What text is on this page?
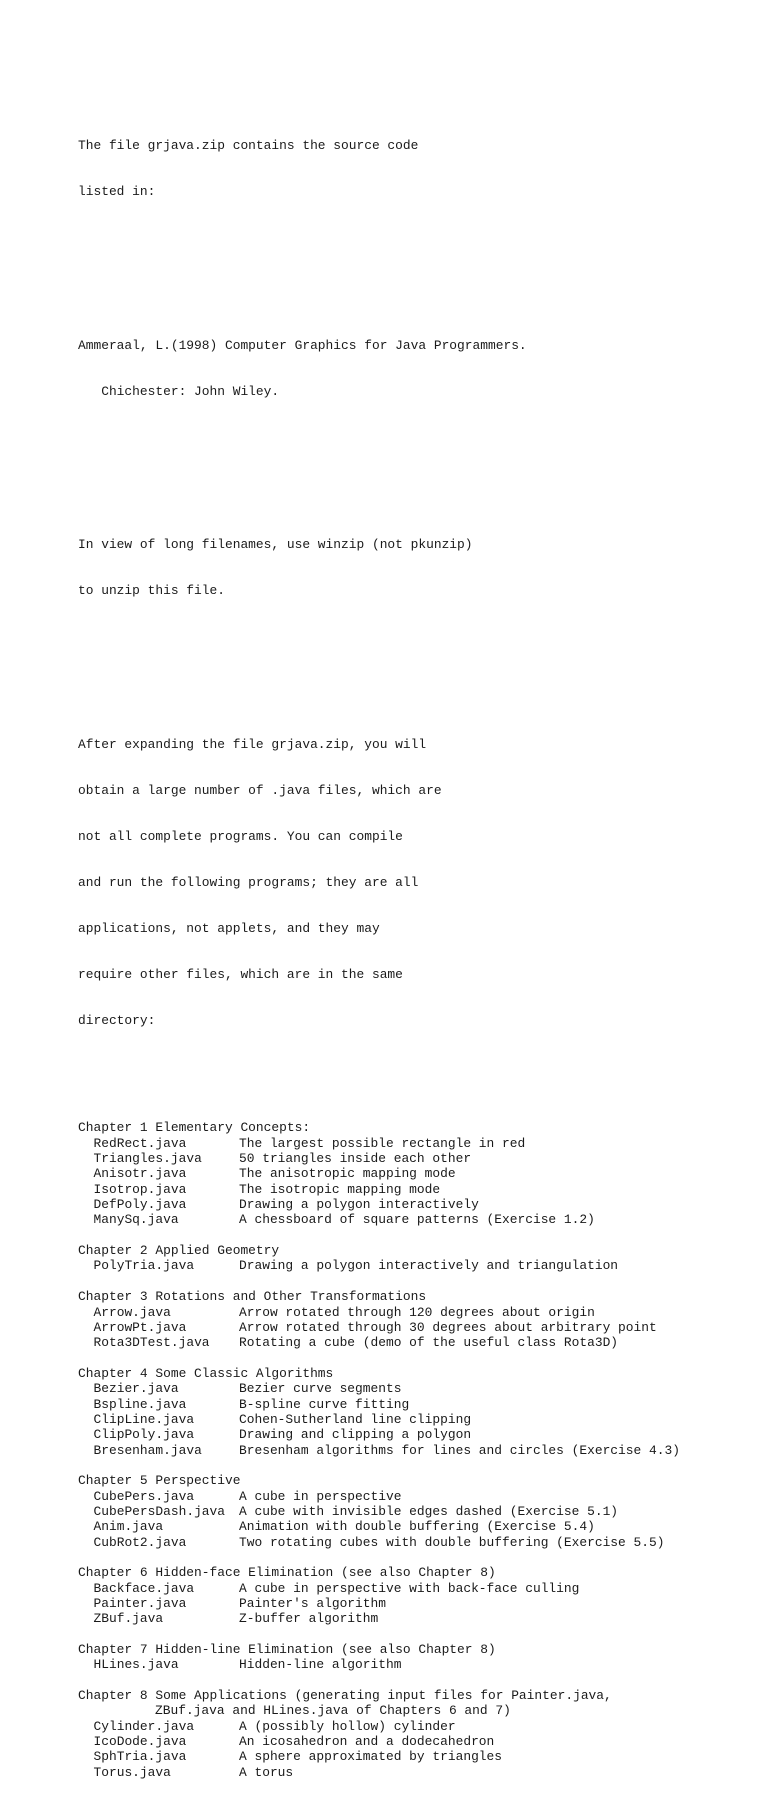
The file grjava.zip contains the source code

listed in:

Ammeraal, L.(1998) Computer Graphics for Java Programmers.

Chichester: John Wiley.

In view of long filenames, use winzip (not pkunzip)

to unzip this file.

After expanding the file grjava.zip, you will

obtain a large number of .java files, which are

not all complete programs. You can compile

and run the following programs; they are all

applications, not applets, and they may

require other files, which are in the same

directory:

Chapter 1 Elementary Concepts:
RedRect.java	The largest possible rectangle in red
Triangles.java	50 triangles inside each other
Anisotr.java	The anisotropic mapping mode
Isotrop.java	The isotropic mapping mode
DefPoly.java	Drawing a polygon interactively
ManySq.java	A chessboard of square patterns (Exercise 1.2)
Chapter 2 Applied Geometry
PolyTria.java	Drawing a polygon interactively and triangulation
Chapter 3 Rotations and Other Transformations
Arrow.java	Arrow rotated through 120 degrees about origin
ArrowPt.java	Arrow rotated through 30 degrees about arbitrary point
Rota3DTest.java Rotating a cube (demo of the useful class Rota3D)
Chapter 4 Some Classic Algorithms
Bezier.java	Bezier curve segments
Bspline.java	B-spline curve fitting
ClipLine.java	Cohen-Sutherland line clipping
ClipPoly.java	Drawing and clipping a polygon
Bresenham.java	Bresenham algorithms for lines and circles (Exercise 4.3)
Chapter 5 Perspective
CubePers.java	A cube in perspective
CubePersDash.java A cube with invisible edges dashed (Exercise 5.1)
Anim.java	Animation with double buffering (Exercise 5.4)
CubRot2.java	Two rotating cubes with double buffering (Exercise 5.5)
Chapter 6 Hidden-face Elimination (see also Chapter 8)
Backface.java	A cube in perspective with back-face culling
Painter.java	Painter's algorithm
ZBuf.java	Z-buffer algorithm
Chapter 7 Hidden-line Elimination (see also Chapter 8)
HLines.java	Hidden-line algorithm
Chapter 8 Some Applications (generating input files for Painter.java,
ZBuf.java and HLines.java of Chapters 6 and 7)
Cylinder.java	A (possibly hollow) cylinder
IcoDode.java	An icosahedron and a dodecahedron
SphTria.java	A sphere approximated by triangles
Torus.java	A torus
